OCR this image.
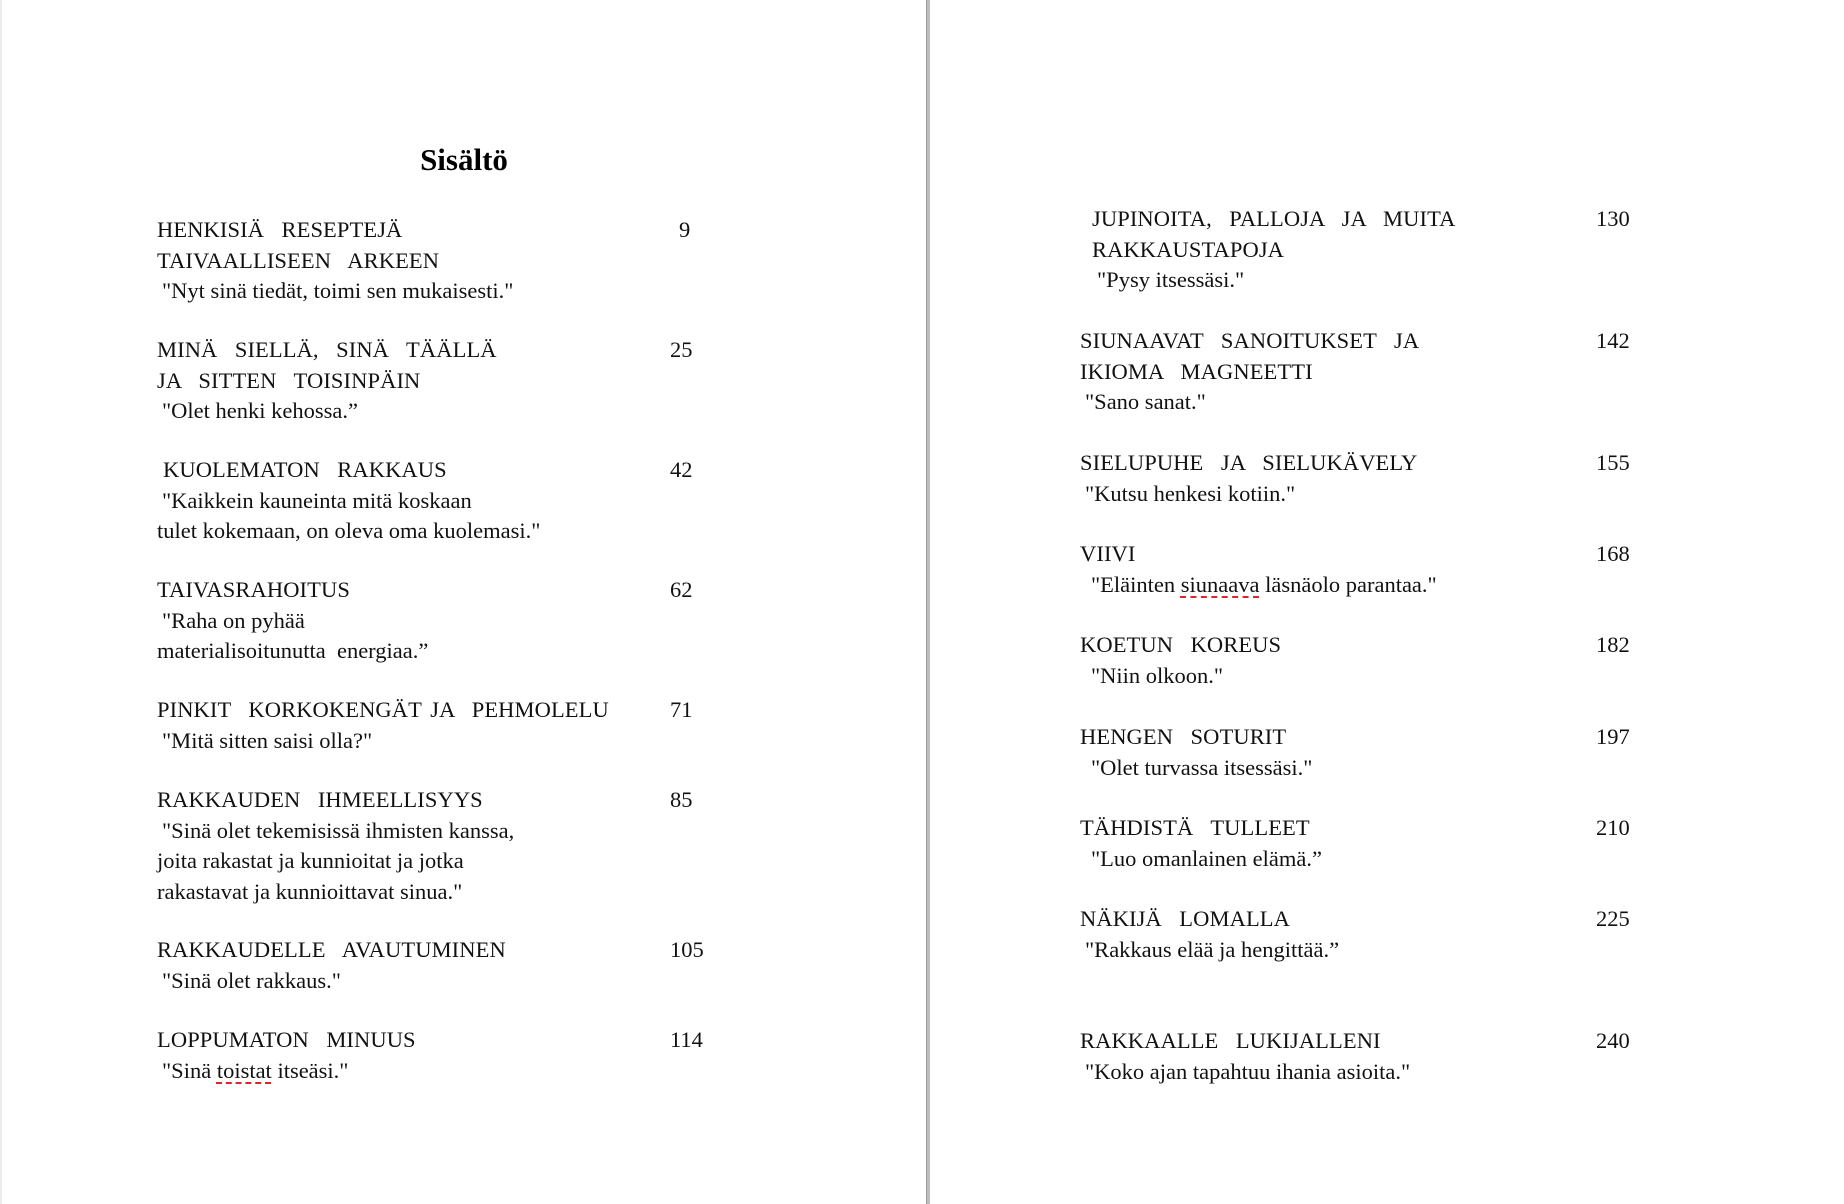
Sisältö
HENKISIÄ  RESEPTEJÄ
TAIVAALLISEEN  ARKEEN
"Nyt sinä tiedät, toimi sen mukaisesti."
9
MINÄ  SIELLÄ,  SINÄ  TÄÄLLÄ
JA  SITTEN  TOISINPÄIN
"Olet henki kehossa.”
25
KUOLEMATON  RAKKAUS
"Kaikkein kauneinta mitä koskaan
tulet kokemaan, on oleva oma kuolemasi."
42
TAIVASRAHOITUS
"Raha on pyhää
materialisoitunutta  energiaa.”
62
PINKIT  KORKOKENGÄT JA  PEHMOLELU
"Mitä sitten saisi olla?"
71
RAKKAUDEN  IHMEELLISYYS
"Sinä olet tekemisissä ihmisten kanssa,
joita rakastat ja kunnioitat ja jotka
rakastavat ja kunnioittavat sinua."
85
RAKKAUDELLE  AVAUTUMINEN
"Sinä olet rakkaus."
105
LOPPUMATON  MINUUS
"Sinä toistat itseäsi."
114
JUPINOITA,  PALLOJA  JA  MUITA
RAKKAUSTAPOJA
"Pysy itsessäsi."
130
SIUNAAVAT  SANOITUKSET  JA
IKIOMA  MAGNEETTI
"Sano sanat."
142
SIELUPUHE  JA  SIELUKÄVELY
"Kutsu henkesi kotiin."
155
VIIVI
"Eläinten siunaava läsnäolo parantaa."
168
KOETUN  KOREUS
"Niin olkoon."
182
HENGEN  SOTURIT
"Olet turvassa itsessäsi."
197
TÄHDISTÄ  TULLEET
"Luo omanlainen elämä.”
210
NÄKIJÄ  LOMALLA
"Rakkaus elää ja hengittää.”
225
RAKKAALLE  LUKIJALLENI
"Koko ajan tapahtuu ihania asioita."
240
